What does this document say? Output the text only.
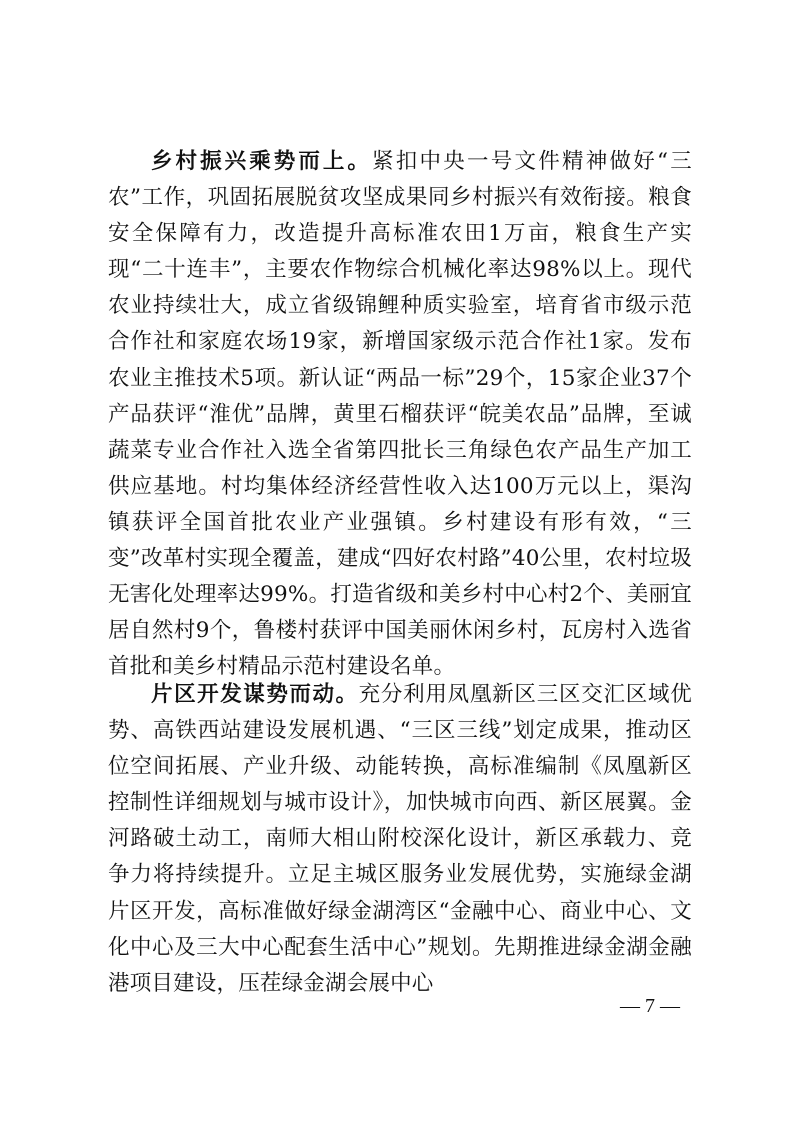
乡村振兴乘势而上。紧扣中央一号文件精神做好“三农”工作，巩固拓展脱贫攻坚成果同乡村振兴有效衔接。粮食安全保障有力，改造提升高标准农田1万亩，粮食生产实现“二十连丰”，主要农作物综合机械化率达98%以上。现代农业持续壮大，成立省级锦鲤种质实验室，培育省市级示范合作社和家庭农场19家，新增国家级示范合作社1家。发布农业主推技术5项。新认证“两品一标”29个，15家企业37个产品获评“淮优”品牌，黄里石榴获评“皖美农品”品牌，至诚蔬菜专业合作社入选全省第四批长三角绿色农产品生产加工供应基地。村均集体经济经营性收入达100万元以上，渠沟镇获评全国首批农业产业强镇。乡村建设有形有效，“三变”改革村实现全覆盖，建成“四好农村路”40公里，农村垃圾无害化处理率达99%。打造省级和美乡村中心村2个、美丽宜居自然村9个，鲁楼村获评中国美丽休闲乡村，瓦房村入选省首批和美乡村精品示范村建设名单。

片区开发谋势而动。充分利用凤凰新区三区交汇区域优势、高铁西站建设发展机遇、“三区三线”划定成果，推动区位空间拓展、产业升级、动能转换，高标准编制《凤凰新区控制性详细规划与城市设计》，加快城市向西、新区展翼。金河路破土动工，南师大相山附校深化设计，新区承载力、竞争力将持续提升。立足主城区服务业发展优势，实施绿金湖片区开发，高标准做好绿金湖湾区“金融中心、商业中心、文化中心及三大中心配套生活中心”规划。先期推进绿金湖金融港项目建设，压茬绿金湖会展中心

— 7 —
